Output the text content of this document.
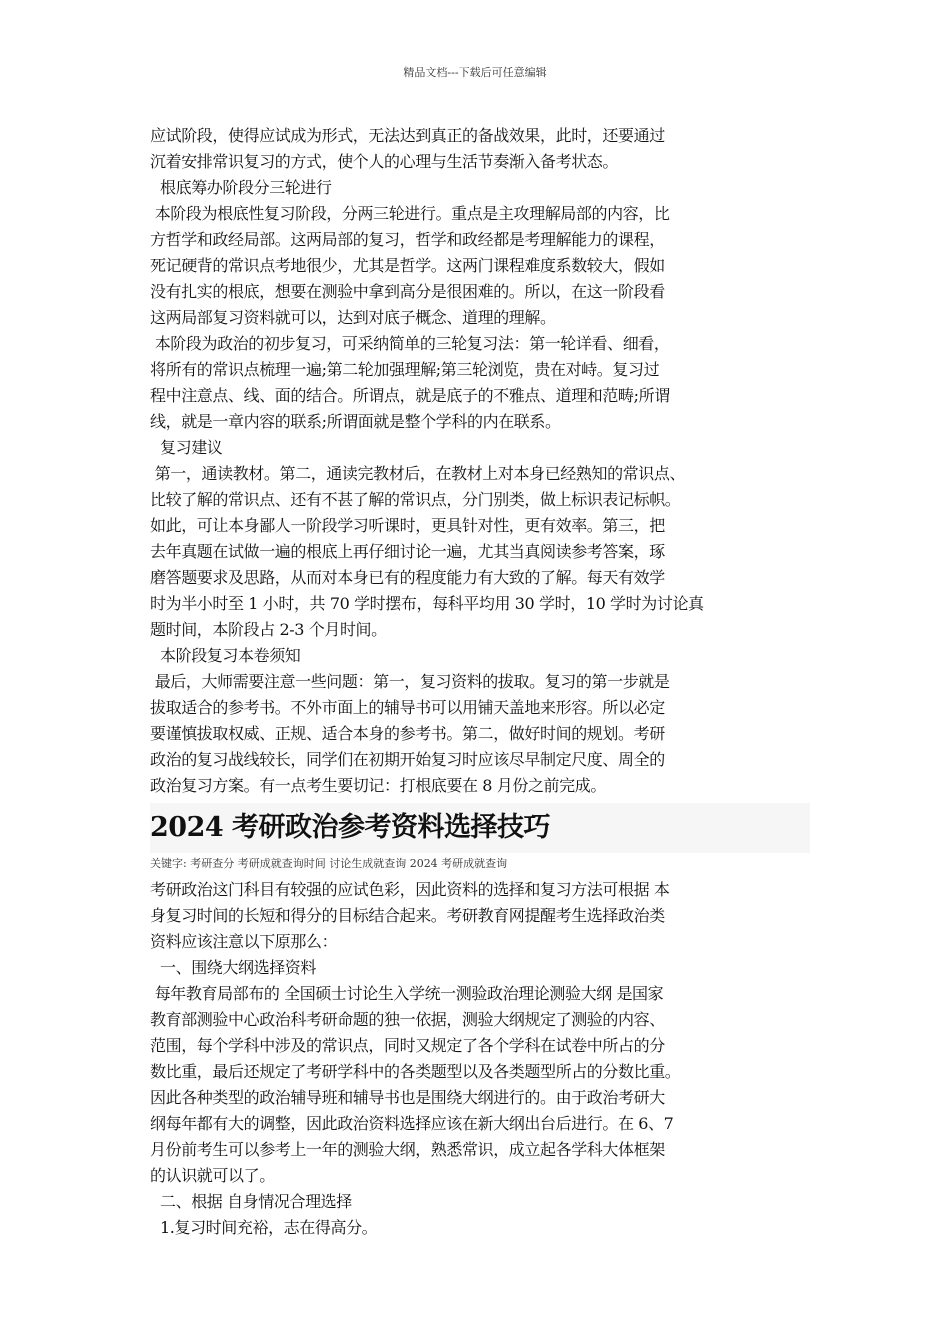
精品文档---下载后可任意编辑

应试阶段，使得应试成为形式，无法达到真正的备战效果，此时，还要通过
沉着安排常识复习的方式，使个人的心理与生活节奏渐入备考状态。

根底筹办阶段分三轮进行

本阶段为根底性复习阶段，分两三轮进行。重点是主攻理解局部的内容，比
方哲学和政经局部。这两局部的复习，哲学和政经都是考理解能力的课程，
死记硬背的常识点考地很少，尤其是哲学。这两门课程难度系数较大，假如
没有扎实的根底，想要在测验中拿到高分是很困难的。所以，在这一阶段看
这两局部复习资料就可以，达到对底子概念、道理的理解。

本阶段为政治的初步复习，可采纳简单的三轮复习法：第一轮详看、细看，
将所有的常识点梳理一遍;第二轮加强理解;第三轮浏览，贵在对峙。复习过
程中注意点、线、面的结合。所谓点，就是底子的不雅点、道理和范畴;所谓
线，就是一章内容的联系;所谓面就是整个学科的内在联系。

复习建议

第一，通读教材。第二，通读完教材后，在教材上对本身已经熟知的常识点、
比较了解的常识点、还有不甚了解的常识点，分门别类，做上标识表记标帜。
如此，可让本身鄙人一阶段学习听课时，更具针对性，更有效率。第三，把
去年真题在试做一遍的根底上再仔细讨论一遍，尤其当真阅读参考答案，琢
磨答题要求及思路，从而对本身已有的程度能力有大致的了解。每天有效学
时为半小时至 1 小时，共 70 学时摆布，每科平均用 30 学时，10 学时为讨论真
题时间，本阶段占 2-3 个月时间。

本阶段复习本卷须知

最后，大师需要注意一些问题：第一，复习资料的拔取。复习的第一步就是
拔取适合的参考书。不外市面上的辅导书可以用铺天盖地来形容。所以必定
要谨慎拔取权威、正规、适合本身的参考书。第二，做好时间的规划。考研
政治的复习战线较长，同学们在初期开始复习时应该尽早制定尺度、周全的
政治复习方案。有一点考生要切记：打根底要在 8 月份之前完成。

2024 考研政治参考资料选择技巧
关键字: 考研查分 考研成就查询时间 讨论生成就查询 2024 考研成就查询

考研政治这门科目有较强的应试色彩，因此资料的选择和复习方法可根据 本
身复习时间的长短和得分的目标结合起来。考研教育网提醒考生选择政治类
资料应该注意以下原那么：

一、围绕大纲选择资料

每年教育局部布的 全国硕士讨论生入学统一测验政治理论测验大纲 是国家
教育部测验中心政治科考研命题的独一依据，测验大纲规定了测验的内容、
范围，每个学科中涉及的常识点，同时又规定了各个学科在试卷中所占的分
数比重，最后还规定了考研学科中的各类题型以及各类题型所占的分数比重。
因此各种类型的政治辅导班和辅导书也是围绕大纲进行的。由于政治考研大
纲每年都有大的调整，因此政治资料选择应该在新大纲出台后进行。在 6、7
月份前考生可以参考上一年的测验大纲，熟悉常识，成立起各学科大体框架
的认识就可以了。

二、根据 自身情况合理选择

1.复习时间充裕，志在得高分。
